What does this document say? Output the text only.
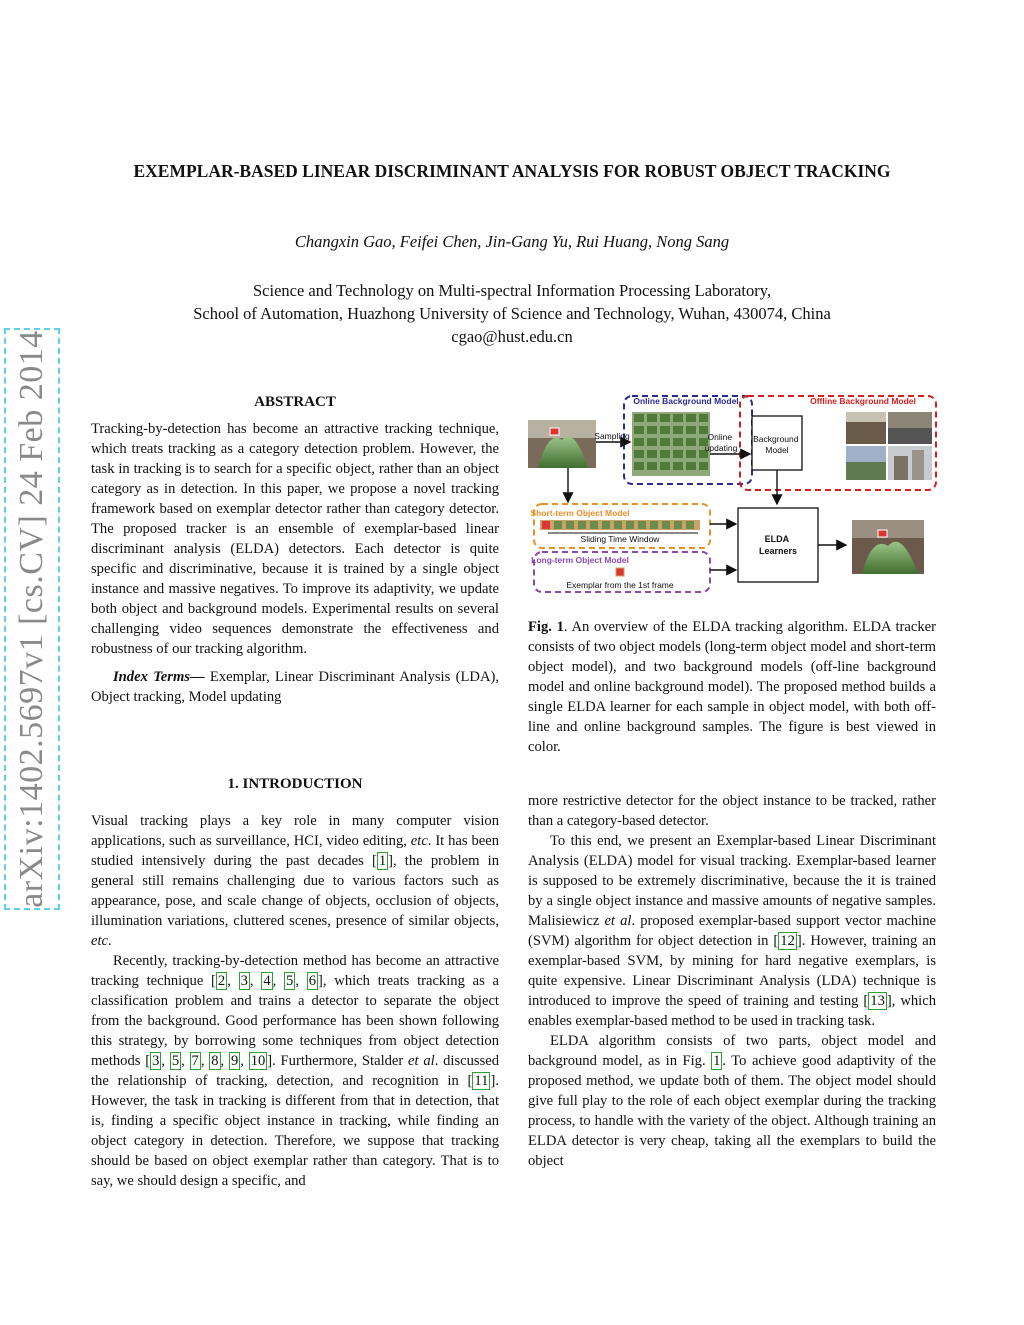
arXiv:1402.5697v1 [cs.CV] 24 Feb 2014
EXEMPLAR-BASED LINEAR DISCRIMINANT ANALYSIS FOR ROBUST OBJECT TRACKING
Changxin Gao, Feifei Chen, Jin-Gang Yu, Rui Huang, Nong Sang
Science and Technology on Multi-spectral Information Processing Laboratory,
School of Automation, Huazhong University of Science and Technology, Wuhan, 430074, China
cgao@hust.edu.cn
ABSTRACT

Tracking-by-detection has become an attractive tracking technique, which treats tracking as a category detection problem. However, the task in tracking is to search for a specific object, rather than an object category as in detection. In this paper, we propose a novel tracking framework based on exemplar detector rather than category detector. The proposed tracker is an ensemble of exemplar-based linear discriminant analysis (ELDA) detectors. Each detector is quite specific and discriminative, because it is trained by a single object instance and massive negatives. To improve its adaptivity, we update both object and background models. Experimental results on several challenging video sequences demonstrate the effectiveness and robustness of our tracking algorithm.

Index Terms— Exemplar, Linear Discriminant Analysis (LDA), Object tracking, Model updating

1. INTRODUCTION

Visual tracking plays a key role in many computer vision applications, such as surveillance, HCI, video editing, etc. It has been studied intensively during the past decades [ 1 ], the problem in general still remains challenging due to various factors such as appearance, pose, and scale change of objects, occlusion of objects, illumination variations, cluttered scenes, presence of similar objects, etc.

Recently, tracking-by-detection method has become an attractive tracking technique [ 2 , 3 , 4 , 5 , 6 ], which treats tracking as a classification problem and trains a detector to separate the object from the background. Good performance has been shown following this strategy, by borrowing some techniques from object detection methods [ 3 , 5 , 7 , 8 , 9 , 10 ]. Furthermore, Stalder et al. discussed the relationship of tracking, detection, and recognition in [ 11 ]. However, the task in tracking is different from that in detection, that is, finding a specific object instance in tracking, while finding an object category in detection. Therefore, we suppose that tracking should be based on object exemplar rather than category. That is to say, we should design a specific, and

Online Background Model	Offline Background Model
Sampling	Online updating
Background Model
Short-term Object Model
Sliding Time Window
Long-term Object Model
Exemplar from the 1st frame
ELDA Learners
Fig. 1. An overview of the ELDA tracking algorithm. ELDA tracker consists of two object models (long-term object model and short-term object model), and two background models (off-line background model and online background model). The proposed method builds a single ELDA learner for each sample in object model, with both off-line and online background samples. The figure is best viewed in color.

more restrictive detector for the object instance to be tracked, rather than a category-based detector.

To this end, we present an Exemplar-based Linear Discriminant Analysis (ELDA) model for visual tracking. Exemplar-based learner is supposed to be extremely discriminative, because the it is trained by a single object instance and massive amounts of negative samples. Malisiewicz et al. proposed exemplar-based support vector machine (SVM) algorithm for object detection in [ 12 ]. However, training an exemplar-based SVM, by mining for hard negative exemplars, is quite expensive. Linear Discriminant Analysis (LDA) technique is introduced to improve the speed of training and testing [ 13 ], which enables exemplar-based method to be used in tracking task.

ELDA algorithm consists of two parts, object model and background model, as in Fig. 1 . To achieve good adaptivity of the proposed method, we update both of them. The object model should give full play to the role of each object exemplar during the tracking process, to handle with the variety of the object. Although training an ELDA detector is very cheap, taking all the exemplars to build the object
